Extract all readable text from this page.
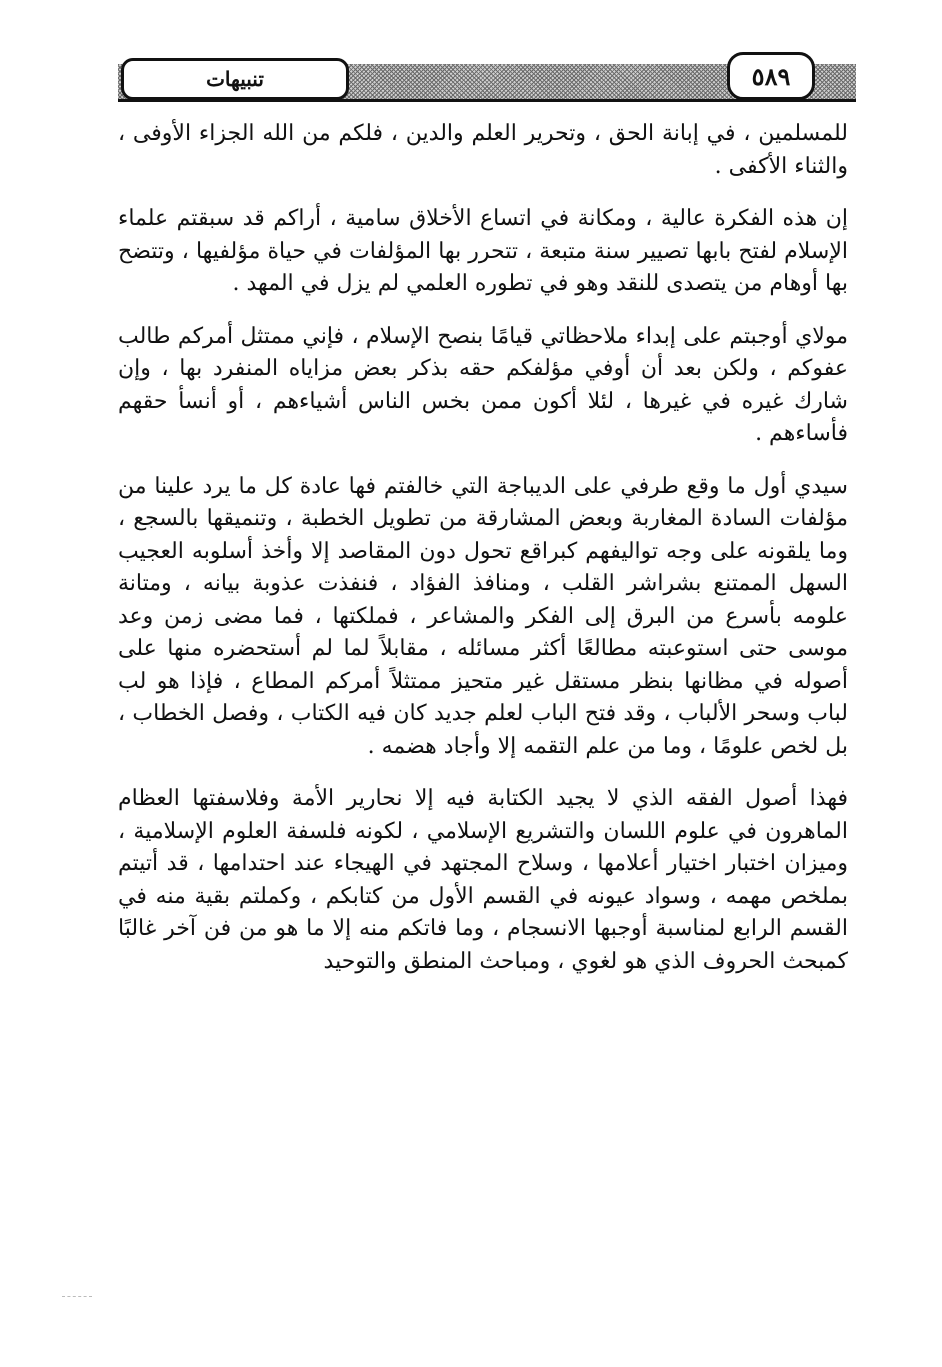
تنبيهات	٥٨٩

للمسلمين ، في إبانة الحق ، وتحرير العلم والدين ، فلكم من الله الجزاء الأوفى ، والثناء الأكفى .

إن هذه الفكرة عالية ، ومكانة في اتساع الأخلاق سامية ، أراكم قد سبقتم علماء الإسلام لفتح بابها تصيير سنة متبعة ، تتحرر بها المؤلفات في حياة مؤلفيها ، وتتضح بها أوهام من يتصدى للنقد وهو في تطوره العلمي لم يزل في المهد .

مولاي أوجبتم على إبداء ملاحظاتي قيامًا بنصح الإسلام ، فإني ممتثل أمركم طالب عفوكم ، ولكن بعد أن أوفي مؤلفكم حقه بذكر بعض مزاياه المنفرد بها ، وإن شارك غيره في غيرها ، لئلا أكون ممن بخس الناس أشياءهم ، أو أنسأ حقهم فأساءهم .

سيدي أول ما وقع طرفي على الديباجة التي خالفتم فها عادة كل ما يرد علينا من مؤلفات السادة المغاربة وبعض المشارقة من تطويل الخطبة ، وتنميقها بالسجع ، وما يلقونه على وجه تواليفهم كبراقع تحول دون المقاصد إلا وأخذ أسلوبه العجيب السهل الممتنع بشراشر القلب ، ومنافذ الفؤاد ، فنفذت عذوبة بيانه ، ومتانة علومه بأسرع من البرق إلى الفكر والمشاعر ، فملكتها ، فما مضى زمن وعد موسى حتى استوعبته مطالعًا أكثر مسائله ، مقابلاً لما لم أستحضره منها على أصوله في مظانها بنظر مستقل غير متحيز ممتثلاً أمركم المطاع ، فإذا هو لب لباب وسحر الألباب ، وقد فتح الباب لعلم جديد كان فيه الكتاب ، وفصل الخطاب ، بل لخص علومًا ، وما من علم التقمه إلا وأجاد هضمه .

فهذا أصول الفقه الذي لا يجيد الكتابة فيه إلا نحارير الأمة وفلاسفتها العظام الماهرون في علوم اللسان والتشريع الإسلامي ، لكونه فلسفة العلوم الإسلامية ، وميزان اختبار اختيار أعلامها ، وسلاح المجتهد في الهيجاء عند احتدامها ، قد أتيتم بملخص مهمه ، وسواد عيونه في القسم الأول من كتابكم ، وكملتم بقية منه في القسم الرابع لمناسبة أوجبها الانسجام ، وما فاتكم منه إلا ما هو من فن آخر غالبًا كمبحث الحروف الذي هو لغوي ، ومباحث المنطق والتوحيد
